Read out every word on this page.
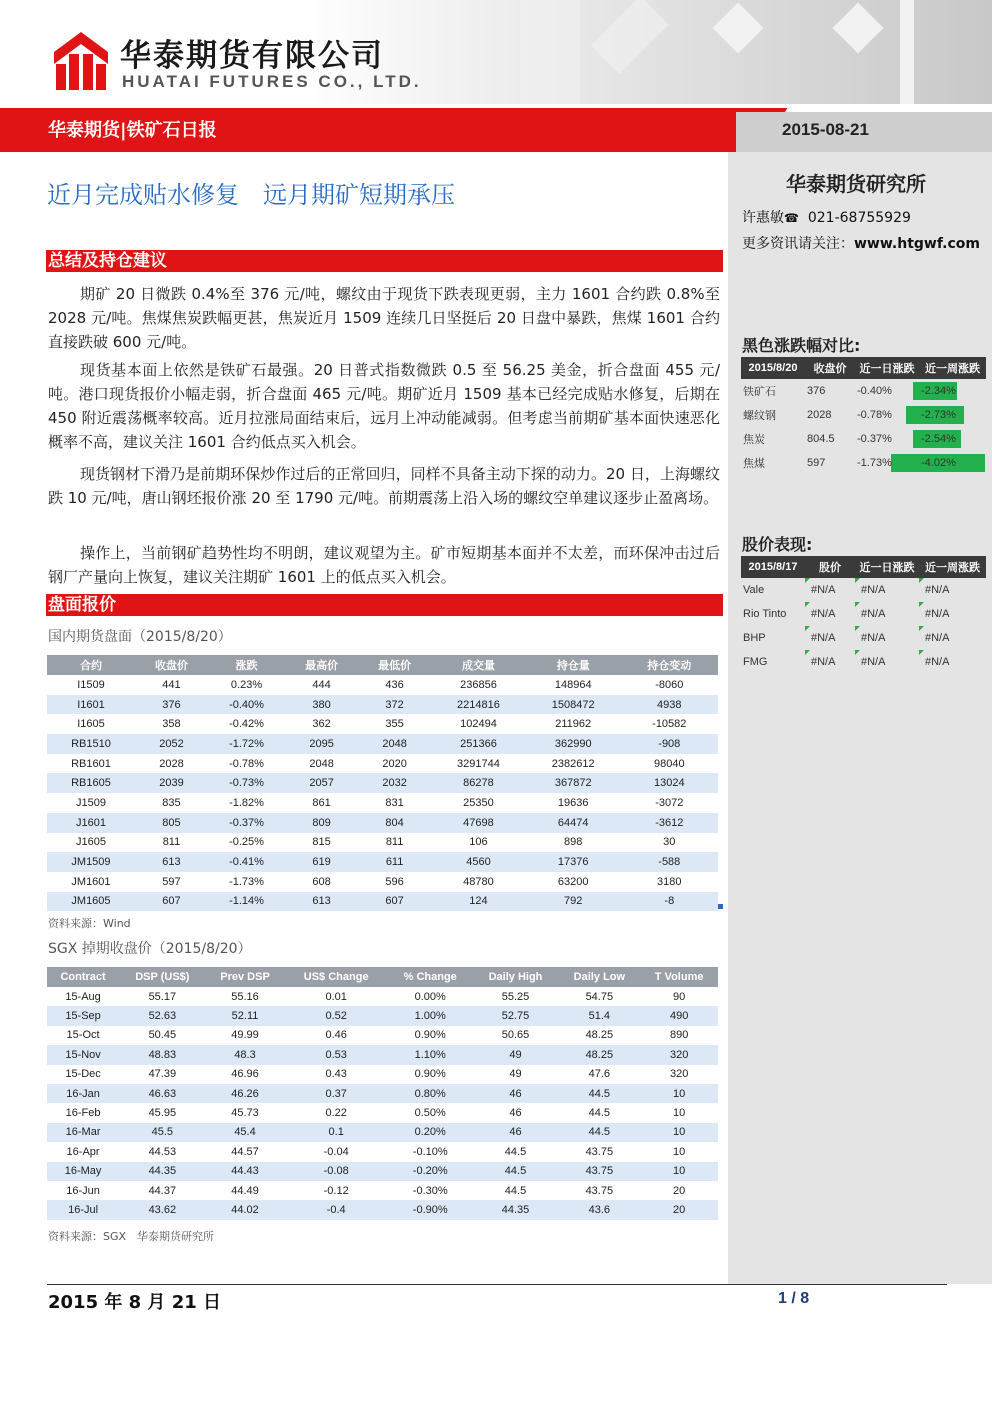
华泰期货有限公司
HUATAI FUTURES CO., LTD.
华泰期货|铁矿石日报	2015-08-21
近月完成贴水修复　远月期矿短期承压	华泰期货研究所
许惠敏☎ 021-68755929
更多资讯请关注：www.htgwf.com
总结及持仓建议

期矿 20 日微跌 0.4%至 376 元/吨，螺纹由于现货下跌表现更弱，主力 1601 合约跌 0.8%至 2028 元/吨。焦煤焦炭跌幅更甚，焦炭近月 1509 连续几日坚挺后 20 日盘中暴跌，焦煤 1601 合约直接跌破 600 元/吨。

现货基本面上依然是铁矿石最强。20 日普式指数微跌 0.5 至 56.25 美金，折合盘面 455 元/吨。港口现货报价小幅走弱，折合盘面 465 元/吨。期矿近月 1509 基本已经完成贴水修复，后期在 450 附近震荡概率较高。近月拉涨局面结束后，远月上冲动能减弱。但考虑当前期矿基本面快速恶化概率不高，建议关注 1601 合约低点买入机会。

现货钢材下滑乃是前期环保炒作过后的正常回归，同样不具备主动下探的动力。20 日，上海螺纹跌 10 元/吨，唐山钢坯报价涨 20 至 1790 元/吨。前期震荡上沿入场的螺纹空单建议逐步止盈离场。

操作上，当前钢矿趋势性均不明朗，建议观望为主。矿市短期基本面并不太差，而环保冲击过后钢厂产量向上恢复，建议关注期矿 1601 上的低点买入机会。

盘面报价
国内期货盘面（2015/8/20）
合约	收盘价	涨跌	最高价	最低价	成交量	持仓量	持仓变动
I1509	441	0.23%	444	436	236856	148964	-8060
I1601	376	-0.40%	380	372	2214816	1508472	4938
I1605	358	-0.42%	362	355	102494	211962	-10582
RB1510	2052	-1.72%	2095	2048	251366	362990	-908
RB1601	2028	-0.78%	2048	2020	3291744	2382612	98040
RB1605	2039	-0.73%	2057	2032	86278	367872	13024
J1509	835	-1.82%	861	831	25350	19636	-3072
J1601	805	-0.37%	809	804	47698	64474	-3612
J1605	811	-0.25%	815	811	106	898	30
JM1509	613	-0.41%	619	611	4560	17376	-588
JM1601	597	-1.73%	608	596	48780	63200	3180
JM1605	607	-1.14%	613	607	124	792	-8
资料来源：Wind
SGX 掉期收盘价（2015/8/20）
Contract	DSP (US$)	Prev DSP	US$ Change	% Change	Daily High	Daily Low	T Volume
15-Aug	55.17	55.16	0.01	0.00%	55.25	54.75	90
15-Sep	52.63	52.11	0.52	1.00%	52.75	51.4	490
15-Oct	50.45	49.99	0.46	0.90%	50.65	48.25	890
15-Nov	48.83	48.3	0.53	1.10%	49	48.25	320
15-Dec	47.39	46.96	0.43	0.90%	49	47.6	320
16-Jan	46.63	46.26	0.37	0.80%	46	44.5	10
16-Feb	45.95	45.73	0.22	0.50%	46	44.5	10
16-Mar	45.5	45.4	0.1	0.20%	46	44.5	10
16-Apr	44.53	44.57	-0.04	-0.10%	44.5	43.75	10
16-May	44.35	44.43	-0.08	-0.20%	44.5	43.75	10
16-Jun	44.37	44.49	-0.12	-0.30%	44.5	43.75	20
16-Jul	43.62	44.02	-0.4	-0.90%	44.35	43.6	20
资料来源：SGX　华泰期货研究所
黑色涨跌幅对比:
2015/8/20	收盘价	近一日涨跌	近一周涨跌
铁矿石	376	-0.40%	-2.34%
螺纹钢	2028	-0.78%	-2.73%
焦炭	804.5	-0.37%	-2.54%
焦煤	597	-1.73%	-4.02%
股价表现:
2015/8/17	股价	近一日涨跌	近一周涨跌
Vale	#N/A	#N/A	#N/A
Rio Tinto	#N/A	#N/A	#N/A
BHP	#N/A	#N/A	#N/A
FMG	#N/A	#N/A	#N/A
2015 年 8 月 21 日	1 / 8
